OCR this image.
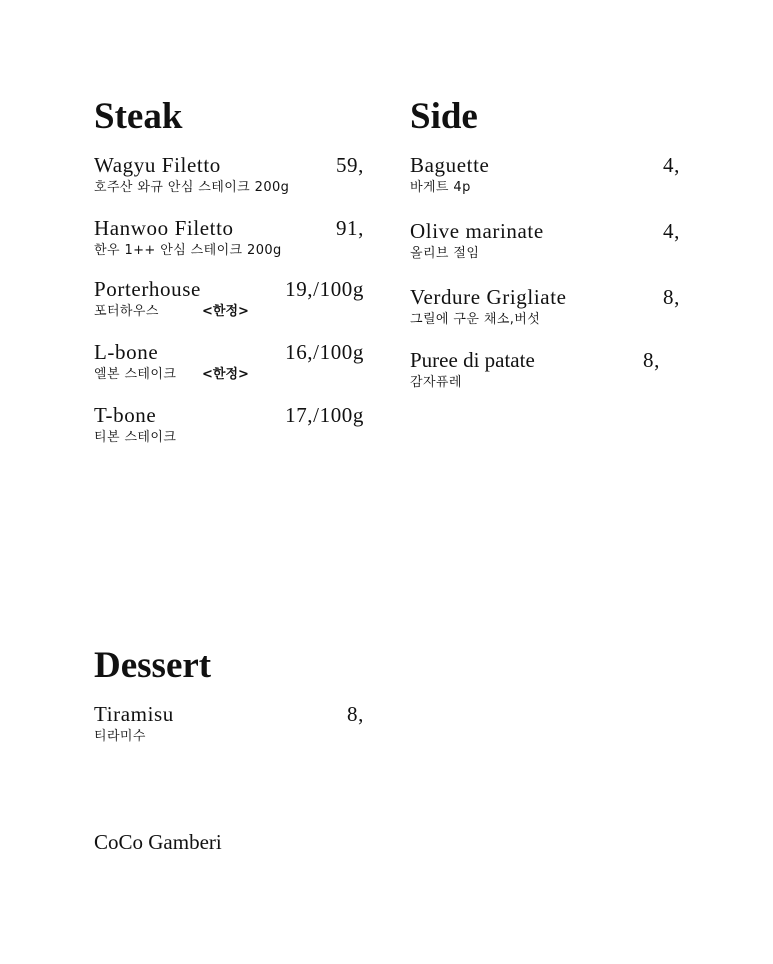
Steak
Wagyu Filetto	59,
호주산 와규 안심 스테이크 200g
Hanwoo Filetto	91,
한우 1++ 안심 스테이크 200g
Porterhouse	19,/100g
포터하우스	<한정>
L-bone	16,/100g
엘본 스테이크 <한정>
T-bone	17,/100g
티본 스테이크
Side
Baguette	4,
바게트 4p
Olive marinate	4,
올리브 절임
Verdure Grigliate	8,
그릴에 구운 채소,버섯
Puree di patate	8,
감자퓨레
Dessert
Tiramisu	8,
티라미수
CoCo Gamberi
